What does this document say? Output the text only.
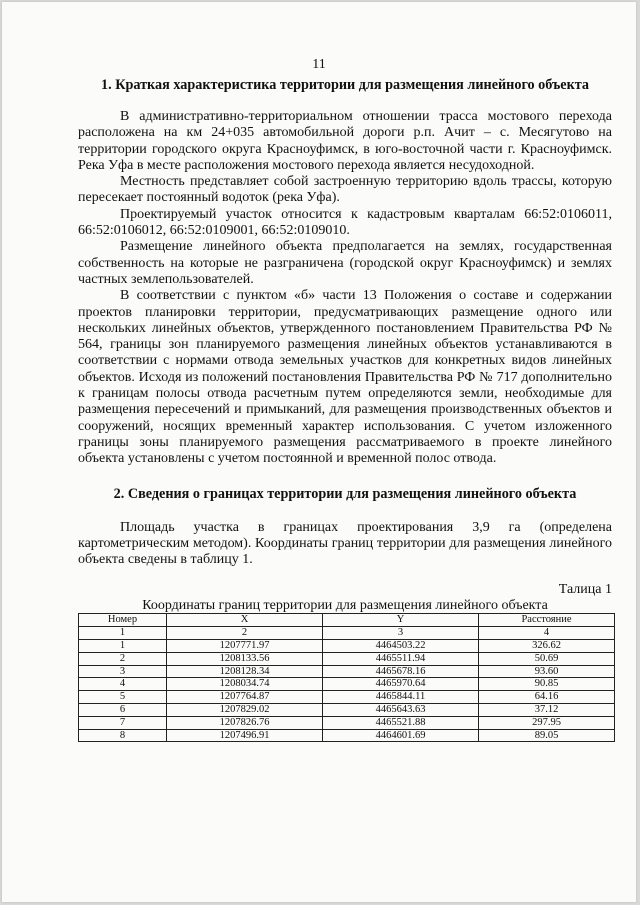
11
1. Краткая характеристика территории для размещения линейного объекта

В административно-территориальном отношении трасса мостового перехода расположена на км 24+035 автомобильной дороги р.п. Ачит – с. Месягутово на территории городского округа Красноуфимск, в юго-восточной части г. Красноуфимск. Река Уфа в месте расположения мостового перехода является несудоходной.

Местность представляет собой застроенную территорию вдоль трассы, которую пересекает постоянный водоток (река Уфа).

Проектируемый участок относится к кадастровым кварталам 66:52:0106011, 66:52:0106012, 66:52:0109001, 66:52:0109010.

Размещение линейного объекта предполагается на землях, государственная собственность на которые не разграничена (городской округ Красноуфимск) и землях частных землепользователей.

В соответствии с пунктом «б» части 13 Положения о составе и содержании проектов планировки территории, предусматривающих размещение одного или нескольких линейных объектов, утвержденного постановлением Правительства РФ № 564, границы зон планируемого размещения линейных объектов устанавливаются в соответствии с нормами отвода земельных участков для конкретных видов линейных объектов. Исходя из положений постановления Правительства РФ № 717 дополнительно к границам полосы отвода расчетным путем определяются земли, необходимые для размещения пересечений и примыканий, для размещения производственных объектов и сооружений, носящих временный характер использования. С учетом изложенного границы зоны планируемого размещения рассматриваемого в проекте линейного объекта установлены с учетом постоянной и временной полос отвода.

2. Сведения о границах территории для размещения линейного объекта

Площадь участка в границах проектирования 3,9 га (определена картометрическим методом). Координаты границ территории для размещения линейного объекта сведены в таблицу 1.

Талица 1
Координаты границ территории для размещения линейного объекта
Номер	X	Y	Расстояние
1	2	3	4
1	1207771.97	4464503.22	326.62
2	1208133.56	4465511.94	50.69
3	1208128.34	4465678.16	93.60
4	1208034.74	4465970.64	90.85
5	1207764.87	4465844.11	64.16
6	1207829.02	4465643.63	37.12
7	1207826.76	4465521.88	297.95
8	1207496.91	4464601.69	89.05
